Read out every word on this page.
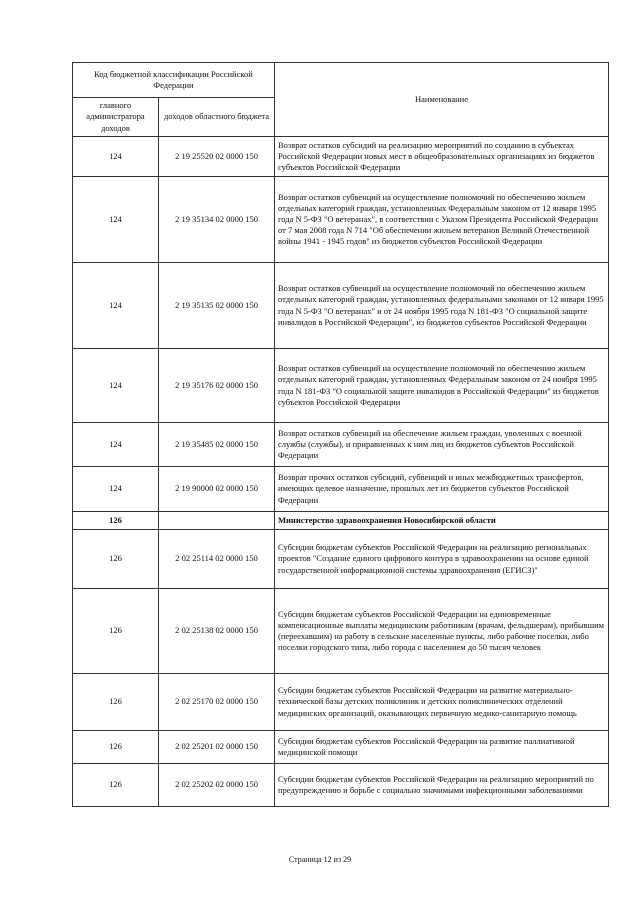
Код бюджетной классификации Российской Федерации		Наименование
главного администратора доходов	доходов областного бюджета	
124	2 19 25520 02 0000 150	Возврат остатков субсидий на реализацию мероприятий по созданию в субъектах Российской Федерации новых мест в общеобразовательных организациях из бюджетов субъектов Российской Федерации
124	2 19 35134 02 0000 150	Возврат остатков субвенций на осуществление полномочий по обеспечению жильем отдельных категорий граждан, установленных Федеральным законом от 12 января 1995 года N 5-ФЗ "О ветеранах", в соответствии с Указом Президента Российской Федерации от 7 мая 2008 года N 714 "Об обеспечении жильем ветеранов Великой Отечественной войны 1941 - 1945 годов" из бюджетов субъектов Российской Федерации
124	2 19 35135 02 0000 150	Возврат остатков субвенций на осуществление полномочий по обеспечению жильем отдельных категорий граждан, установленных федеральными законами от 12 января 1995 года N 5-ФЗ "О ветеранах" и от 24 ноября 1995 года N 181-ФЗ "О социальной защите инвалидов в Российской Федерации", из бюджетов субъектов Российской Федерации
124	2 19 35176 02 0000 150	Возврат остатков субвенций на осуществление полномочий по обеспечению жильем отдельных категорий граждан, установленных Федеральным законом от 24 ноября 1995 года N 181-ФЗ "О социальной защите инвалидов в Российской Федерации" из бюджетов субъектов Российской Федерации
124	2 19 35485 02 0000 150	Возврат остатков субвенций на обеспечение жильем граждан, уволенных с военной службы (службы), и приравненных к ним лиц из бюджетов субъектов Российской Федерации
124	2 19 90000 02 0000 150	Возврат прочих остатков субсидий, субвенций и иных межбюджетных трансфертов, имеющих целевое назначение, прошлых лет из бюджетов субъектов Российской Федерации
126		Министерство здравоохранения Новосибирской области
126	2 02 25114 02 0000 150	Субсидии бюджетам субъектов Российской Федерации на реализацию региональных проектов "Создание единого цифрового контура в здравоохранении на основе единой государственной информационной системы здравоохранения (ЕГИСЗ)"
126	2 02 25138 02 0000 150	Субсидии бюджетам субъектов Российской Федерации на единовременные компенсационные выплаты медицинским работникам (врачам, фельдшерам), прибывшим (переехавшим) на работу в сельские населенные пункты, либо рабочие поселки, либо поселки городского типа, либо города с населением до 50 тысяч человек
126	2 02 25170 02 0000 150	Субсидии бюджетам субъектов Российской Федерации на развитие материально-технической базы детских поликлиник и детских поликлинических отделений медицинских организаций, оказывающих первичную медико-санитарную помощь
126	2 02 25201 02 0000 150	Субсидии бюджетам субъектов Российской Федерации на развитие паллиативной медицинской помощи
126	2 02 25202 02 0000 150	Субсидии бюджетам субъектов Российской Федерации на реализацию мероприятий по предупреждению и борьбе с социально значимыми инфекционными заболеваниями
Страница 12 из 29
